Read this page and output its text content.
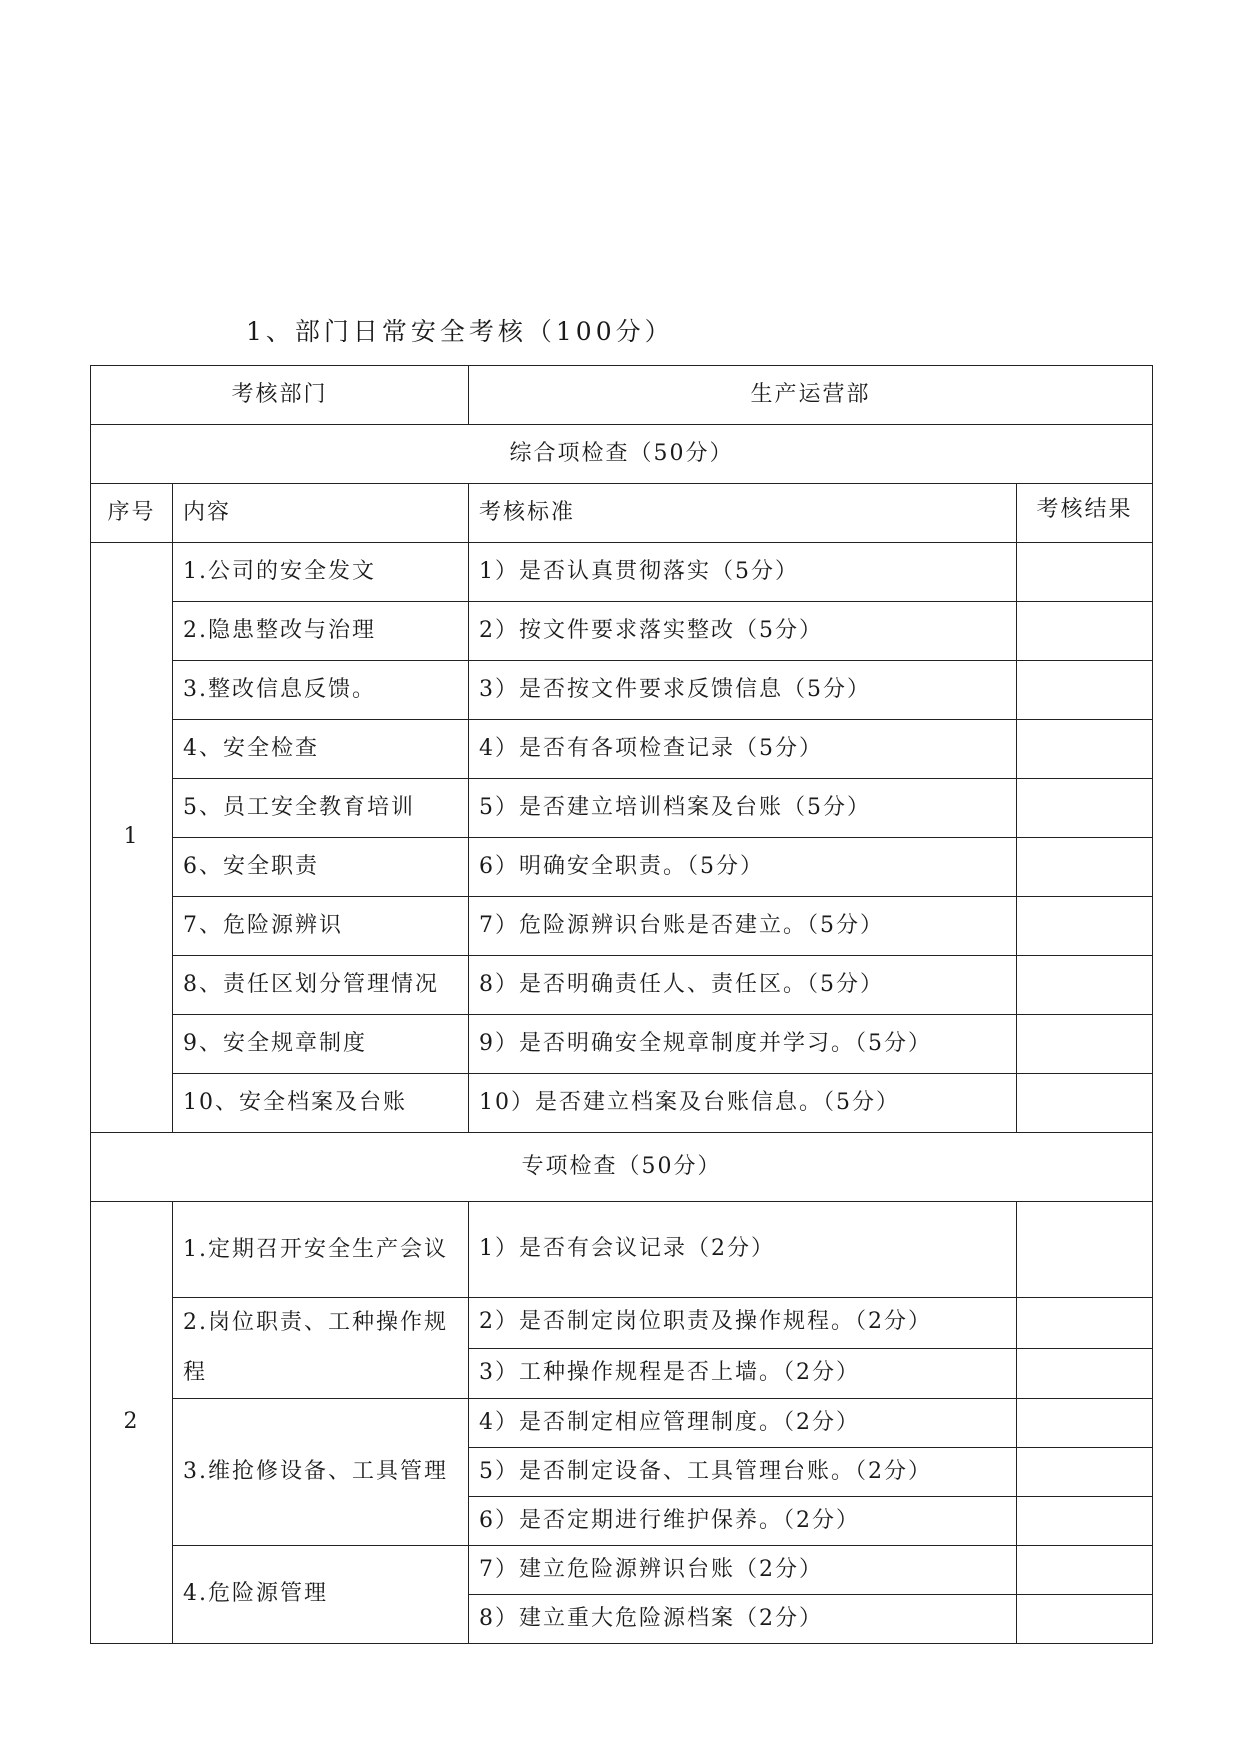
1、部门日常安全考核（100分）
考核部门		生产运营部	
综合项检查（50分）			
序号	内容	考核标准	考核结果
1	1.公司的安全发文	1）是否认真贯彻落实（5分）	
	2.隐患整改与治理	2）按文件要求落实整改（5分）	
	3.整改信息反馈。	3）是否按文件要求反馈信息（5分）	
	4、安全检查	4）是否有各项检查记录（5分）	
	5、员工安全教育培训	5）是否建立培训档案及台账（5分）	
	6、安全职责	6）明确安全职责。（5分）	
	7、危险源辨识	7）危险源辨识台账是否建立。（5分）	
	8、责任区划分管理情况	8）是否明确责任人、责任区。（5分）	
	9、安全规章制度	9）是否明确安全规章制度并学习。（5分）	
	10、安全档案及台账	10）是否建立档案及台账信息。（5分）	
专项检查（50分）			
2	1.定期召开安全生产会议	1）是否有会议记录（2分）	
	2.岗位职责、工种操作规程	2）是否制定岗位职责及操作规程。（2分）	
		3）工种操作规程是否上墙。（2分）	
	3.维抢修设备、工具管理	4）是否制定相应管理制度。（2分）	
		5）是否制定设备、工具管理台账。（2分）	
		6）是否定期进行维护保养。（2分）	
	4.危险源管理	7）建立危险源辨识台账（2分）	
		8）建立重大危险源档案（2分）	
